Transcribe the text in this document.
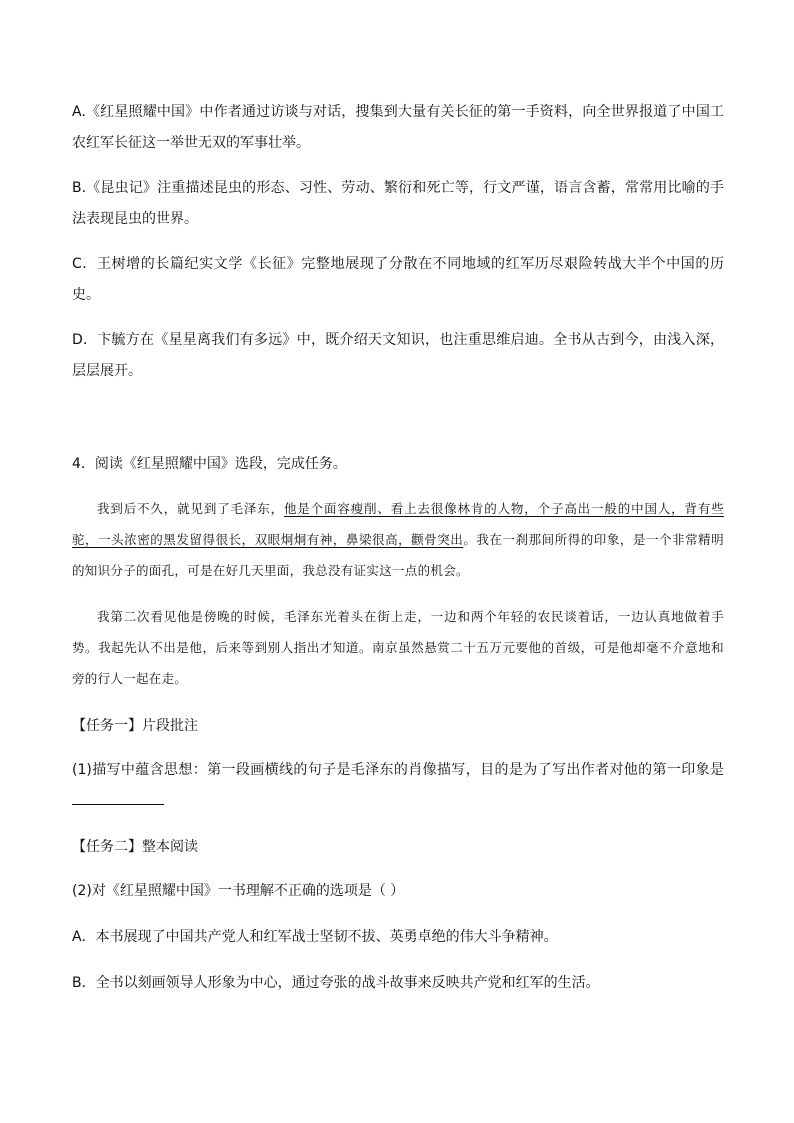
A.《红星照耀中国》中作者通过访谈与对话，搜集到大量有关长征的第一手资料，向全世界报道了中国工农红军长征这一举世无双的军事壮举。

B.《昆虫记》注重描述昆虫的形态、习性、劳动、繁衍和死亡等，行文严谨，语言含蓄，常常用比喻的手法表现昆虫的世界。

C．王树增的长篇纪实文学《长征》完整地展现了分散在不同地域的红军历尽艰险转战大半个中国的历史。

D．卞毓方在《星星离我们有多远》中，既介绍天文知识，也注重思维启迪。全书从古到今，由浅入深，层层展开。

4．阅读《红星照耀中国》选段，完成任务。

我到后不久，就见到了毛泽东，他是个面容瘦削、看上去很像林肯的人物，个子高出一般的中国人，背有些驼，一头浓密的黑发留得很长，双眼炯炯有神，鼻梁很高，颧骨突出。我在一刹那间所得的印象，是一个非常精明的知识分子的面孔，可是在好几天里面，我总没有证实这一点的机会。

我第二次看见他是傍晚的时候，毛泽东光着头在街上走，一边和两个年轻的农民谈着话，一边认真地做着手势。我起先认不出是他，后来等到别人指出才知道。南京虽然悬赏二十五万元要他的首级，可是他却毫不介意地和旁的行人一起在走。

【任务一】片段批注

(1)描写中蕴含思想：第一段画横线的句子是毛泽东的肖像描写，目的是为了写出作者对他的第一印象是

【任务二】整本阅读

(2)对《红星照耀中国》一书理解不正确的选项是（ ）

A．本书展现了中国共产党人和红军战士坚韧不拔、英勇卓绝的伟大斗争精神。

B．全书以刻画领导人形象为中心，通过夸张的战斗故事来反映共产党和红军的生活。
